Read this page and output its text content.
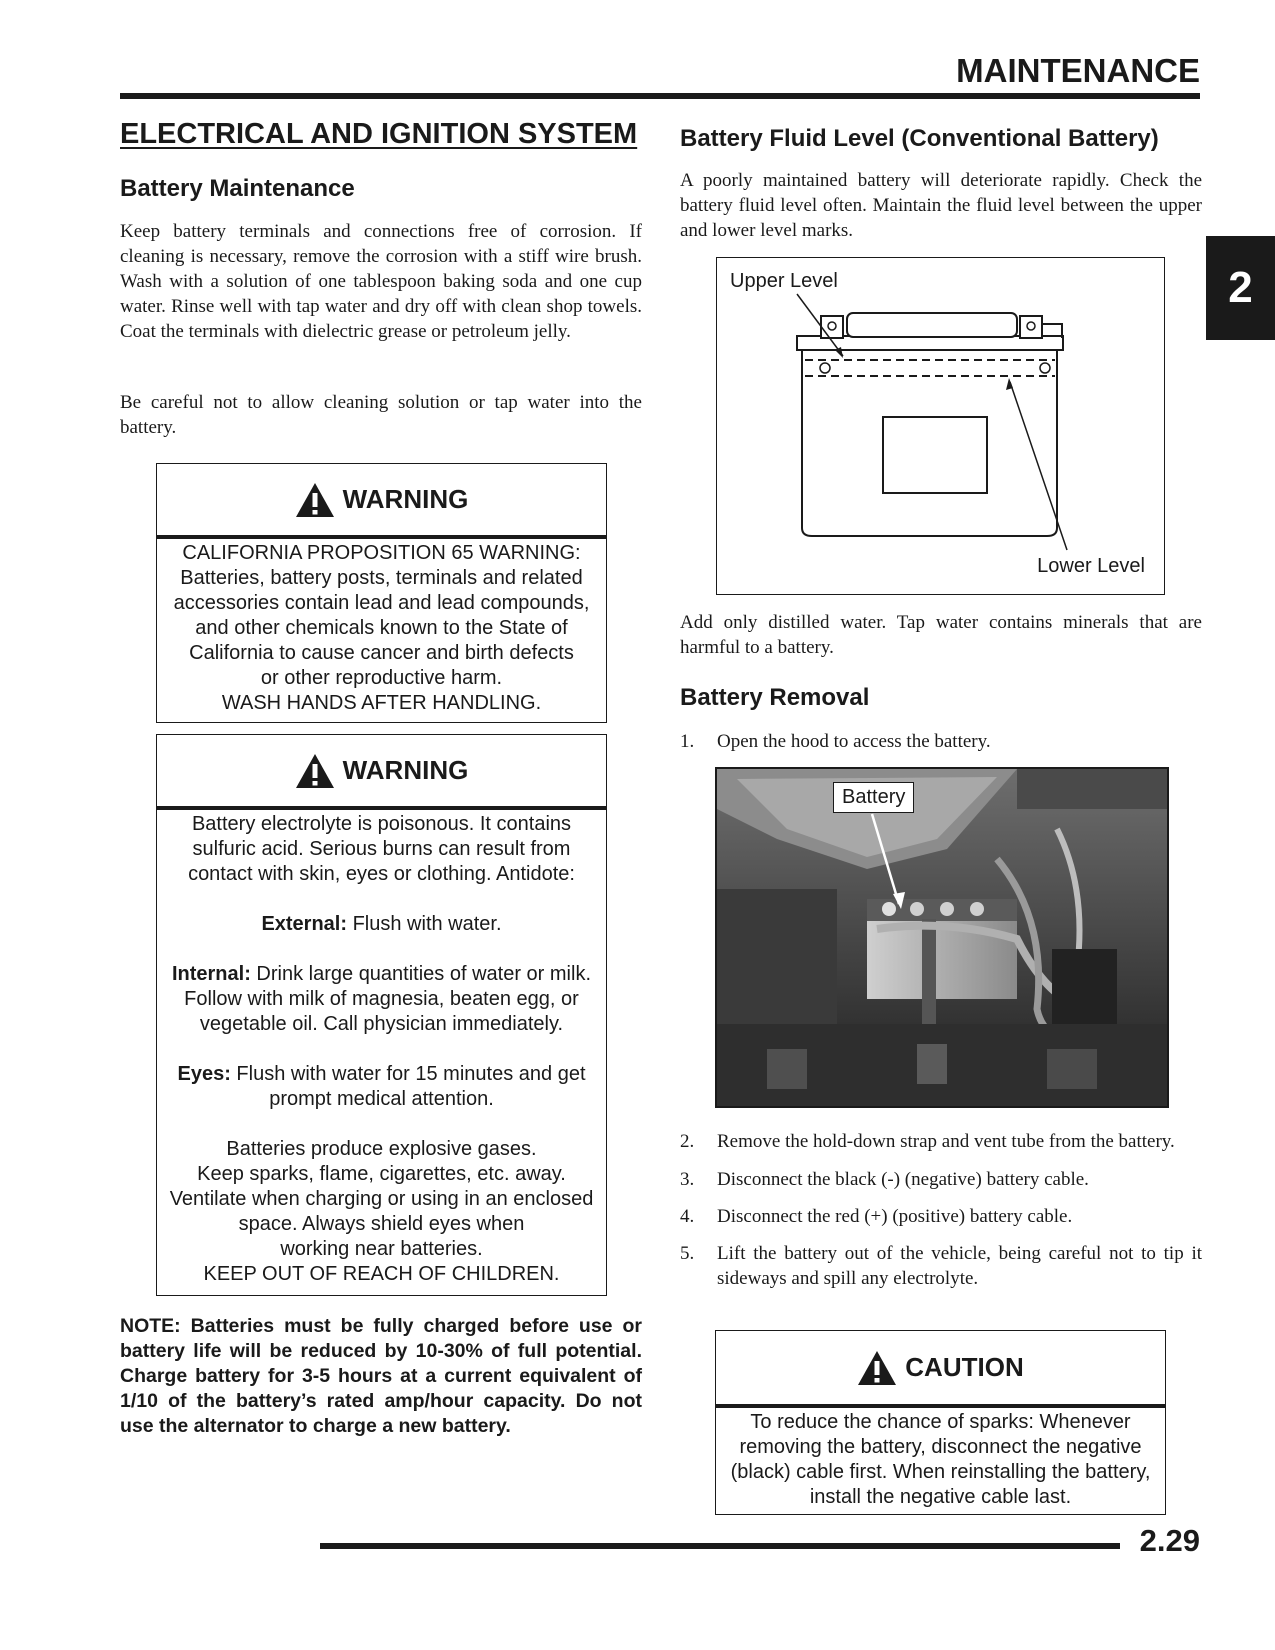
MAINTENANCE
2
ELECTRICAL AND IGNITION SYSTEM
Battery Maintenance

Keep battery terminals and connections free of corrosion. If cleaning is necessary, remove the corrosion with a stiff wire brush. Wash with a solution of one tablespoon baking soda and one cup water. Rinse well with tap water and dry off with clean shop towels. Coat the terminals with dielectric grease or petroleum jelly.

Be careful not to allow cleaning solution or tap water into the battery.

WARNING
CALIFORNIA PROPOSITION 65 WARNING:
Batteries, battery posts, terminals and related
accessories contain lead and lead compounds,
and other chemicals known to the State of
California to cause cancer and birth defects
or other reproductive harm.
WASH HANDS AFTER HANDLING.
WARNING
Battery electrolyte is poisonous. It contains
sulfuric acid. Serious burns can result from
contact with skin, eyes or clothing. Antidote:
External: Flush with water.
Internal: Drink large quantities of water or milk.
Follow with milk of magnesia, beaten egg, or
vegetable oil. Call physician immediately.
Eyes: Flush with water for 15 minutes and get
prompt medical attention.
Batteries produce explosive gases.
Keep sparks, flame, cigarettes, etc. away.
Ventilate when charging or using in an enclosed
space. Always shield eyes when
working near batteries.
KEEP OUT OF REACH OF CHILDREN.

NOTE: Batteries must be fully charged before use or battery life will be reduced by 10-30% of full potential. Charge battery for 3-5 hours at a current equivalent of 1/10 of the battery’s rated amp/hour capacity. Do not use the alternator to charge a new battery.

Battery Fluid Level (Conventional Battery)

A poorly maintained battery will deteriorate rapidly. Check the battery fluid level often. Maintain the fluid level between the upper and lower level marks.

Upper Level
Lower Level

Add only distilled water. Tap water contains minerals that are harmful to a battery.

Battery Removal
1. Open the hood to access the battery.
Battery
2. Remove the hold-down strap and vent tube from the battery.
3. Disconnect the black (-) (negative) battery cable.
4. Disconnect the red (+) (positive) battery cable.
5. Lift the battery out of the vehicle, being careful not to tip it sideways and spill any electrolyte.
CAUTION
To reduce the chance of sparks: Whenever
removing the battery, disconnect the negative
(black) cable first. When reinstalling the battery,
install the negative cable last.

2.29
